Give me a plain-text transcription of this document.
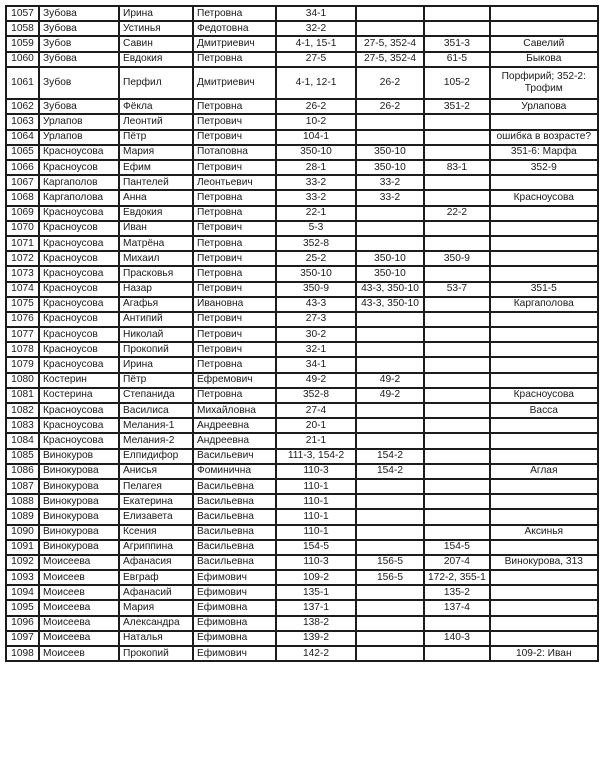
1057	Зубова	Ирина	Петровна	34-1			
1058	Зубова	Устинья	Федотовна	32-2			
1059	Зубов	Савин	Дмитриевич	4-1, 15-1	27-5, 352-4	351-3	Савелий
1060	Зубова	Евдокия	Петровна	27-5	27-5, 352-4	61-5	Быкова
1061	Зубов	Перфил	Дмитриевич	4-1, 12-1	26-2	105-2	Порфирий; 352-2: Трофим
1062	Зубова	Фёкла	Петровна	26-2	26-2	351-2	Урлапова
1063	Урлапов	Леонтий	Петрович	10-2			
1064	Урлапов	Пётр	Петрович	104-1			ошибка в возрасте?
1065	Красноусова	Мария	Потаповна	350-10	350-10		351-6: Марфа
1066	Красноусов	Ефим	Петрович	28-1	350-10	83-1	352-9
1067	Каргаполов	Пантелей	Леонтьевич	33-2	33-2		
1068	Каргаполова	Анна	Петровна	33-2	33-2		Красноусова
1069	Красноусова	Евдокия	Петровна	22-1		22-2	
1070	Красноусов	Иван	Петрович	5-3			
1071	Красноусова	Матрёна	Петровна	352-8			
1072	Красноусов	Михаил	Петрович	25-2	350-10	350-9	
1073	Красноусова	Прасковья	Петровна	350-10	350-10		
1074	Красноусов	Назар	Петрович	350-9	43-3, 350-10	53-7	351-5
1075	Красноусова	Агафья	Ивановна	43-3	43-3, 350-10		Каргаполова
1076	Красноусов	Антипий	Петрович	27-3			
1077	Красноусов	Николай	Петрович	30-2			
1078	Красноусов	Прокопий	Петрович	32-1			
1079	Красноусова	Ирина	Петровна	34-1			
1080	Костерин	Пётр	Ефремович	49-2	49-2		
1081	Костерина	Степанида	Петровна	352-8	49-2		Красноусова
1082	Красноусова	Василиса	Михайловна	27-4			Васса
1083	Красноусова	Мелания-1	Андреевна	20-1			
1084	Красноусова	Мелания-2	Андреевна	21-1			
1085	Винокуров	Елпидифор	Васильевич	111-3, 154-2	154-2		
1086	Винокурова	Анисья	Фоминична	110-3	154-2		Аглая
1087	Винокурова	Пелагея	Васильевна	110-1			
1088	Винокурова	Екатерина	Васильевна	110-1			
1089	Винокурова	Елизавета	Васильевна	110-1			
1090	Винокурова	Ксения	Васильевна	110-1			Аксинья
1091	Винокурова	Агриппина	Васильевна	154-5		154-5	
1092	Моисеева	Афанасия	Васильевна	110-3	156-5	207-4	Винокурова, 313
1093	Моисеев	Евграф	Ефимович	109-2	156-5	172-2, 355-1	
1094	Моисеев	Афанасий	Ефимович	135-1		135-2	
1095	Моисеева	Мария	Ефимовна	137-1		137-4	
1096	Моисеева	Александра	Ефимовна	138-2			
1097	Моисеева	Наталья	Ефимовна	139-2		140-3	
1098	Моисеев	Прокопий	Ефимович	142-2			109-2: Иван
